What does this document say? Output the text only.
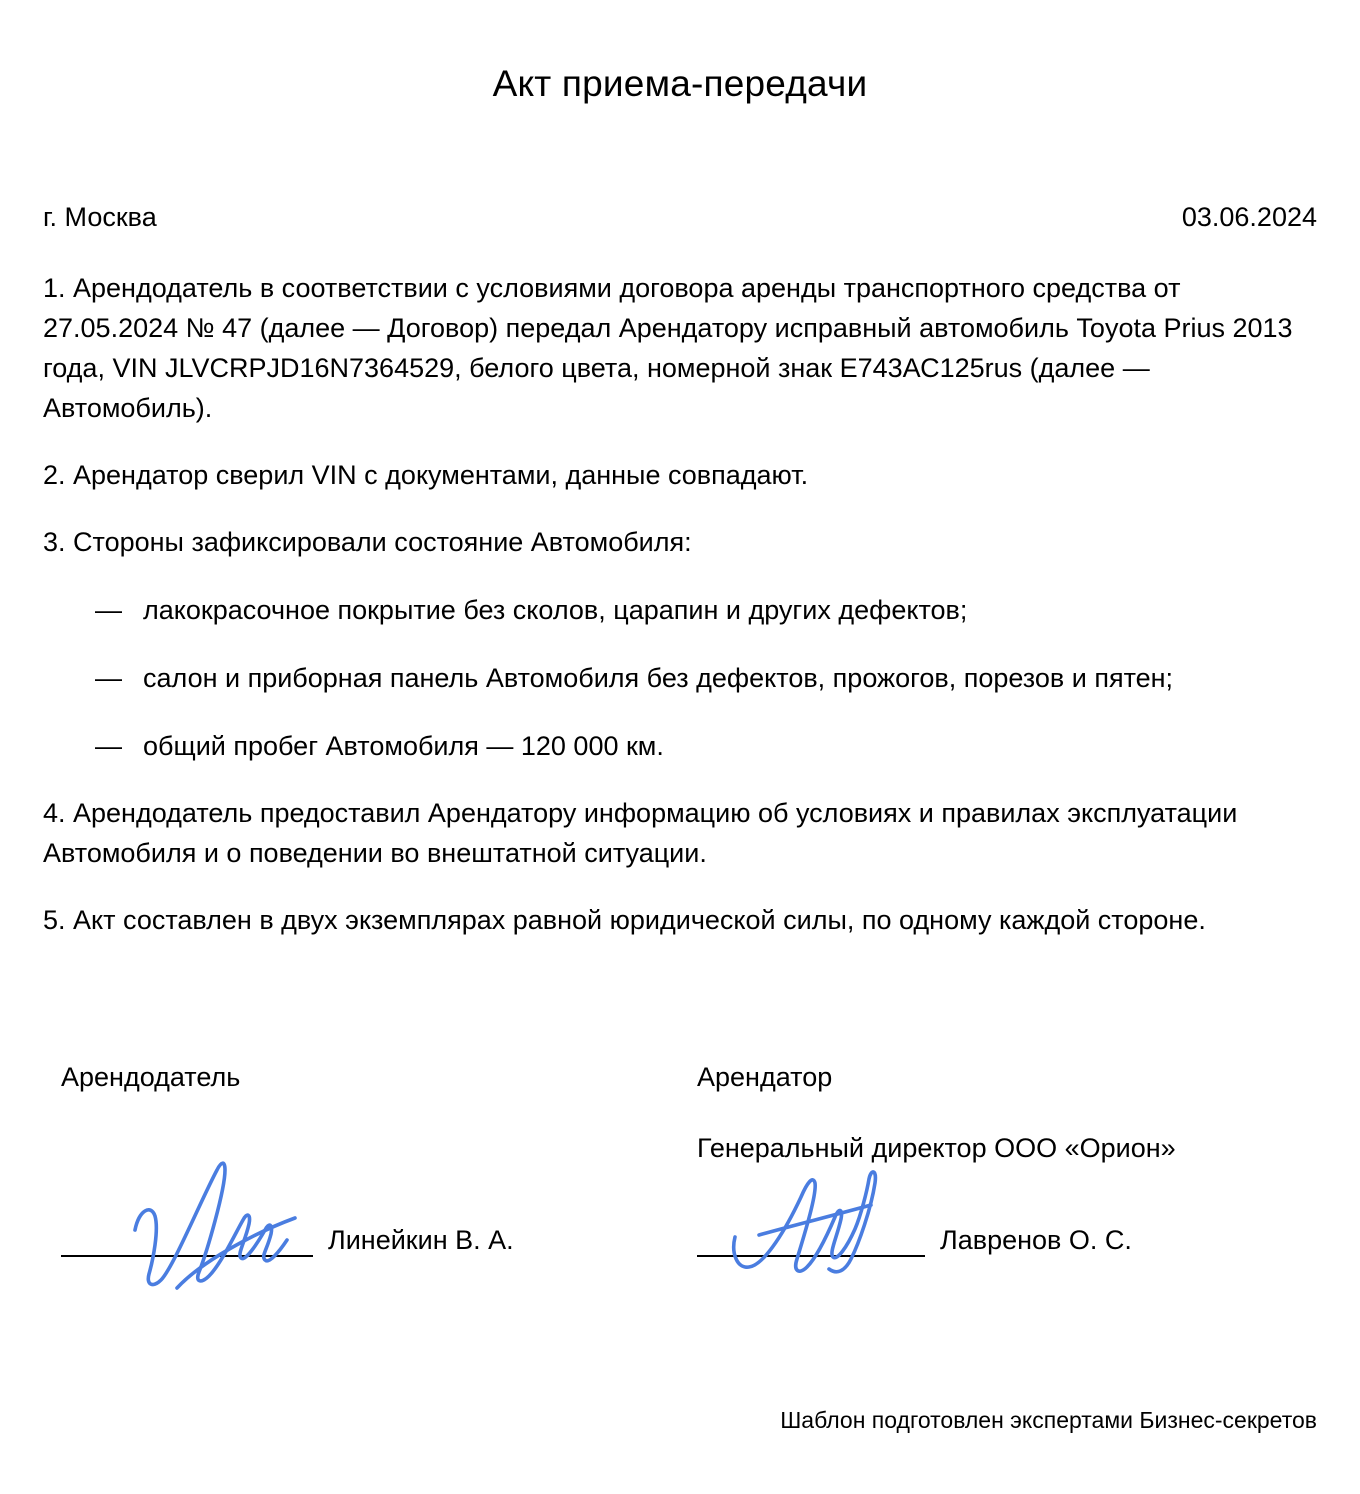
Акт приема-передачи
г. Москва	03.06.2024

1. Арендодатель в соответствии с условиями договора аренды транспортного средства от 27.05.2024 № 47 (далее — Договор) передал Арендатору исправный автомобиль Toyota Prius 2013 года, VIN JLVCRPJD16N7364529, белого цвета, номерной знак Е743АС125rus (далее — Автомобиль).

2. Арендатор сверил VIN с документами, данные совпадают.

3. Стороны зафиксировали состояние Автомобиля:

— лакокрасочное покрытие без сколов, царапин и других дефектов;
— салон и приборная панель Автомобиля без дефектов, прожогов, порезов и пятен;
— общий пробег Автомобиля — 120 000 км.

4. Арендодатель предоставил Арендатору информацию об условиях и правилах эксплуатации Автомобиля и о поведении во внештатной ситуации.

5. Акт составлен в двух экземплярах равной юридической силы, по одному каждой стороне.

Арендодатель

Линейкин В. А.

Арендатор

Генеральный директор ООО «Орион»

Лавренов О. С.
Шаблон подготовлен экспертами Бизнес-секретов
